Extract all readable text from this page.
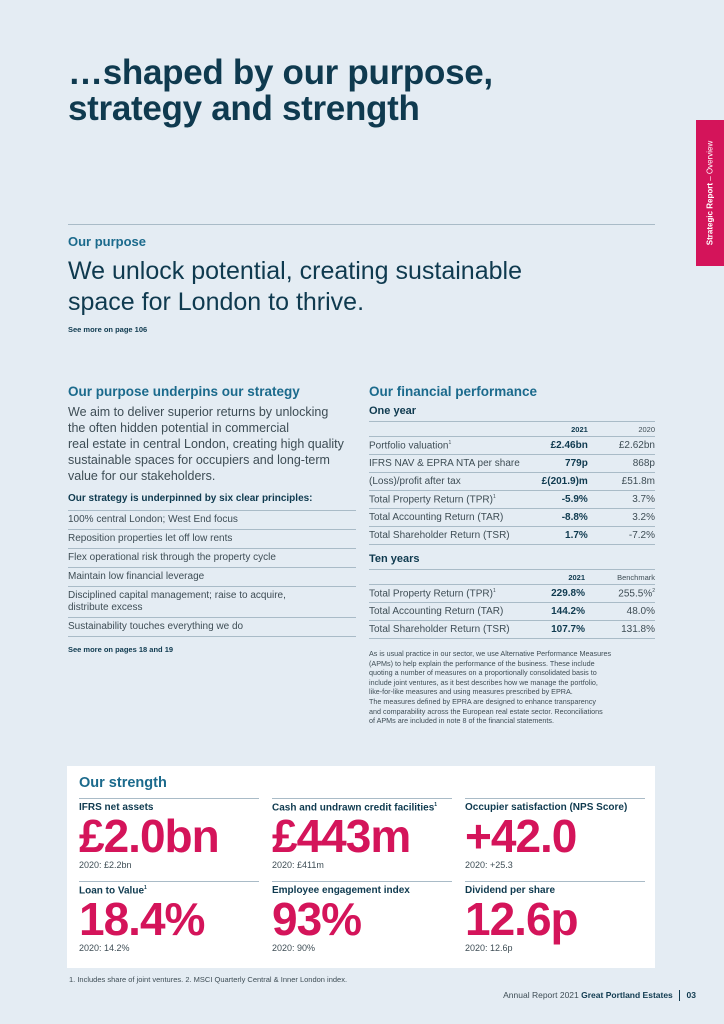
…shaped by our purpose,
strategy and strength
Strategic Report – Overview
Our purpose
We unlock potential, creating sustainable
space for London to thrive.
See more on page 106
Our purpose underpins our strategy
We aim to deliver superior returns by unlocking
the often hidden potential in commercial
real estate in central London, creating high quality
sustainable spaces for occupiers and long-term
value for our stakeholders.
Our strategy is underpinned by six clear principles:
100% central London; West End focus
Reposition properties let off low rents
Flex operational risk through the property cycle
Maintain low financial leverage
Disciplined capital management; raise to acquire,
distribute excess
Sustainability touches everything we do
See more on pages 18 and 19
Our financial performance
One year
	2021	2020
Portfolio valuation$^1$	£2.46bn	£2.62bn
IFRS NAV & EPRA NTA per share	779p	868p
(Loss)/profit after tax	£(201.9)m	£51.8m
Total Property Return (TPR)$^1$	-5.9%	3.7%
Total Accounting Return (TAR)	-8.8%	3.2%
Total Shareholder Return (TSR)	1.7%	-7.2%
Ten years
	2021	Benchmark
Total Property Return (TPR)$^1$	229.8%	255.5%$^2$
Total Accounting Return (TAR)	144.2%	48.0%
Total Shareholder Return (TSR)	107.7%	131.8%
As is usual practice in our sector, we use Alternative Performance Measures
(APMs) to help explain the performance of the business. These include
quoting a number of measures on a proportionally consolidated basis to
include joint ventures, as it best describes how we manage the portfolio,
like-for-like measures and using measures prescribed by EPRA.
The measures defined by EPRA are designed to enhance transparency
and comparability across the European real estate sector. Reconciliations
of APMs are included in note 8 of the financial statements.
Our strength
IFRS net assets
£2.0bn
2020: £2.2bn
Cash and undrawn credit facilities$^1$
£443m
2020: £411m
Occupier satisfaction (NPS Score)
+42.0
2020: +25.3
Loan to Value$^1$
18.4%
2020: 14.2%
Employee engagement index
93%
2020: 90%
Dividend per share
12.6p
2020: 12.6p
1. Includes share of joint ventures. 2. MSCI Quarterly Central & Inner London index.
Annual Report 2021 Great Portland Estates 03
